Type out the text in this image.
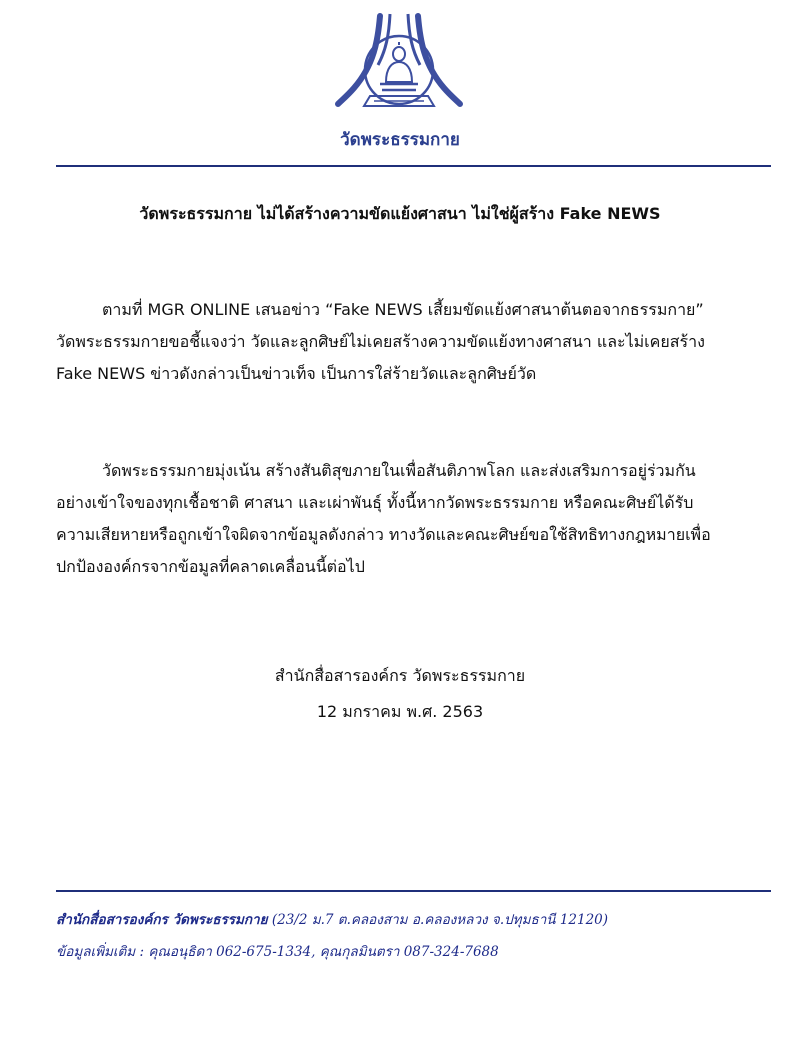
วัดพระธรรมกาย
วัดพระธรรมกาย ไม่ได้สร้างความขัดแย้งศาสนา ไม่ใช่ผู้สร้าง Fake NEWS
ตามที่ MGR ONLINE เสนอข่าว “Fake NEWS เสี้ยมขัดแย้งศาสนาต้นตอจากธรรมกาย”
วัดพระธรรมกายขอชี้แจงว่า วัดและลูกศิษย์ไม่เคยสร้างความขัดแย้งทางศาสนา และไม่เคยสร้าง
Fake NEWS ข่าวดังกล่าวเป็นข่าวเท็จ เป็นการใส่ร้ายวัดและลูกศิษย์วัด
วัดพระธรรมกายมุ่งเน้น สร้างสันติสุขภายในเพื่อสันติภาพโลก และส่งเสริมการอยู่ร่วมกัน
อย่างเข้าใจของทุกเชื้อชาติ ศาสนา และเผ่าพันธุ์ ทั้งนี้หากวัดพระธรรมกาย หรือคณะศิษย์ได้รับ
ความเสียหายหรือถูกเข้าใจผิดจากข้อมูลดังกล่าว ทางวัดและคณะศิษย์ขอใช้สิทธิทางกฎหมายเพื่อ
ปกป้ององค์กรจากข้อมูลที่คลาดเคลื่อนนี้ต่อไป
สำนักสื่อสารองค์กร วัดพระธรรมกาย
12 มกราคม พ.ศ. 2563
สำนักสื่อสารองค์กร วัดพระธรรมกาย (23/2 ม.7 ต.คลองสาม อ.คลองหลวง จ.ปทุมธานี 12120)
ข้อมูลเพิ่มเติม : คุณอนุธิดา 062-675-1334, คุณกุลมินตรา 087-324-7688
